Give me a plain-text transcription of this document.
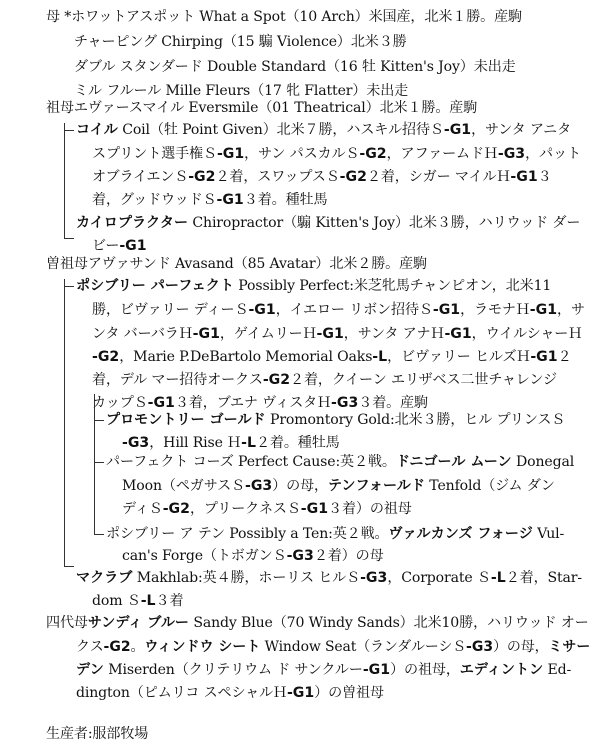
母 *ホワットアスポット What a Spot（10 Arch）米国産，北米１勝。産駒
チャーピング Chirping（15 騸 Violence）北米３勝
ダブル スタンダード Double Standard（16 牡 Kitten's Joy）未出走
ミル フルール Mille Fleurs（17 牝 Flatter）未出走
祖母エヴァースマイル Eversmile（01 Theatrical）北米１勝。産駒
コイル Coil（牡 Point Given）北米７勝，ハスキル招待Ｓ-G1，サンタ アニタ
スプリント選手権Ｓ-G1，サン パスカルＳ-G2，アファームドＨ-G3，パット
オブライエンＳ-G2２着，スワップスＳ-G2２着，シガー マイルＨ-G1３
着，グッドウッドＳ-G1３着。種牡馬
カイロプラクター Chiropractor（騸 Kitten's Joy）北米３勝，ハリウッド ダー
ビー-G1
曽祖母アヴァサンド Avasand（85 Avatar）北米２勝。産駒
ポシブリー パーフェクト Possibly Perfect:米芝牝馬チャンピオン，北米11
勝，ビヴァリー ディーＳ-G1，イエロー リボン招待Ｓ-G1，ラモナＨ-G1，サ
ンタ バーバラＨ-G1，ゲイムリーＨ-G1，サンタ アナＨ-G1，ウイルシャーＨ
-G2，Marie P.DeBartolo Memorial Oaks-L，ビヴァリー ヒルズＨ-G1２
着，デル マー招待オークス-G2２着，クイーン エリザベス二世チャレンジ
カップＳ-G1３着，ブエナ ヴィスタＨ-G3３着。産駒
プロモントリー ゴールド Promontory Gold:北米３勝，ヒル プリンスＳ
-G3，Hill Rise Ｈ-L２着。種牡馬
パーフェクト コーズ Perfect Cause:英２戦。ドニゴール ムーン Donegal
Moon（ペガサスＳ-G3）の母，テンフォールド Tenfold（ジム ダン
ディＳ-G2，プリークネスＳ-G1３着）の祖母
ポシブリー ア テン Possibly a Ten:英２戦。ヴァルカンズ フォージ Vul-
can's Forge（トボガンＳ-G3２着）の母
マクラブ Makhlab:英４勝，ホーリス ヒルＳ-G3，Corporate Ｓ-L２着，Star-
dom Ｓ-L３着
四代母サンディ ブルー Sandy Blue（70 Windy Sands）北米10勝，ハリウッド オー
クス-G2。ウィンドウ シート Window Seat（ランダルーシＳ-G3）の母，ミサー
デン Miserden（クリテリウム ド サンクルー-G1）の祖母，エディントン Ed-
dington（ピムリコ スペシャルＨ-G1）の曽祖母
生産者:服部牧場
